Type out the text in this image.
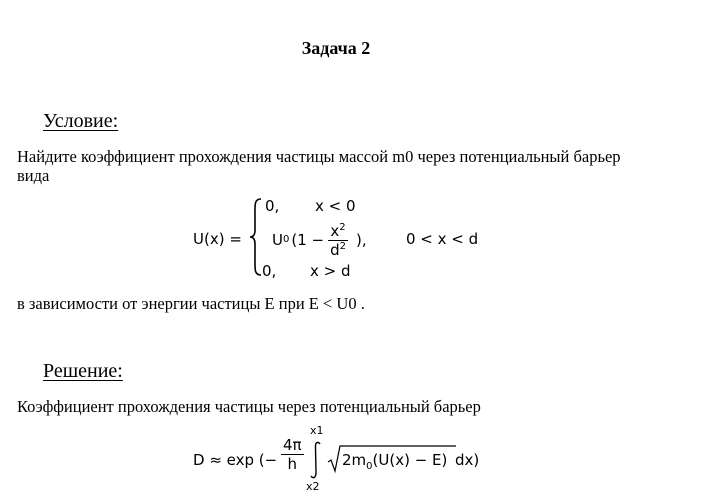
Задача 2
Условие:
Найдите коэффициент прохождения частицы массой m0 через потенциальный барьер
вида
U(x) =
0, x < 0
U 0 ($1 - \frac{x^2}{d^2}$ ),	0 < x < d
0, x > d
в зависимости от энергии частицы E при E < U0 .
Решение:
Коэффициент прохождения частицы через потенциальный барьер
D ≈ exp (− $\frac{4\pi}{h}$
x1
x2
$2m_0(U(x) - E)$ dx)
